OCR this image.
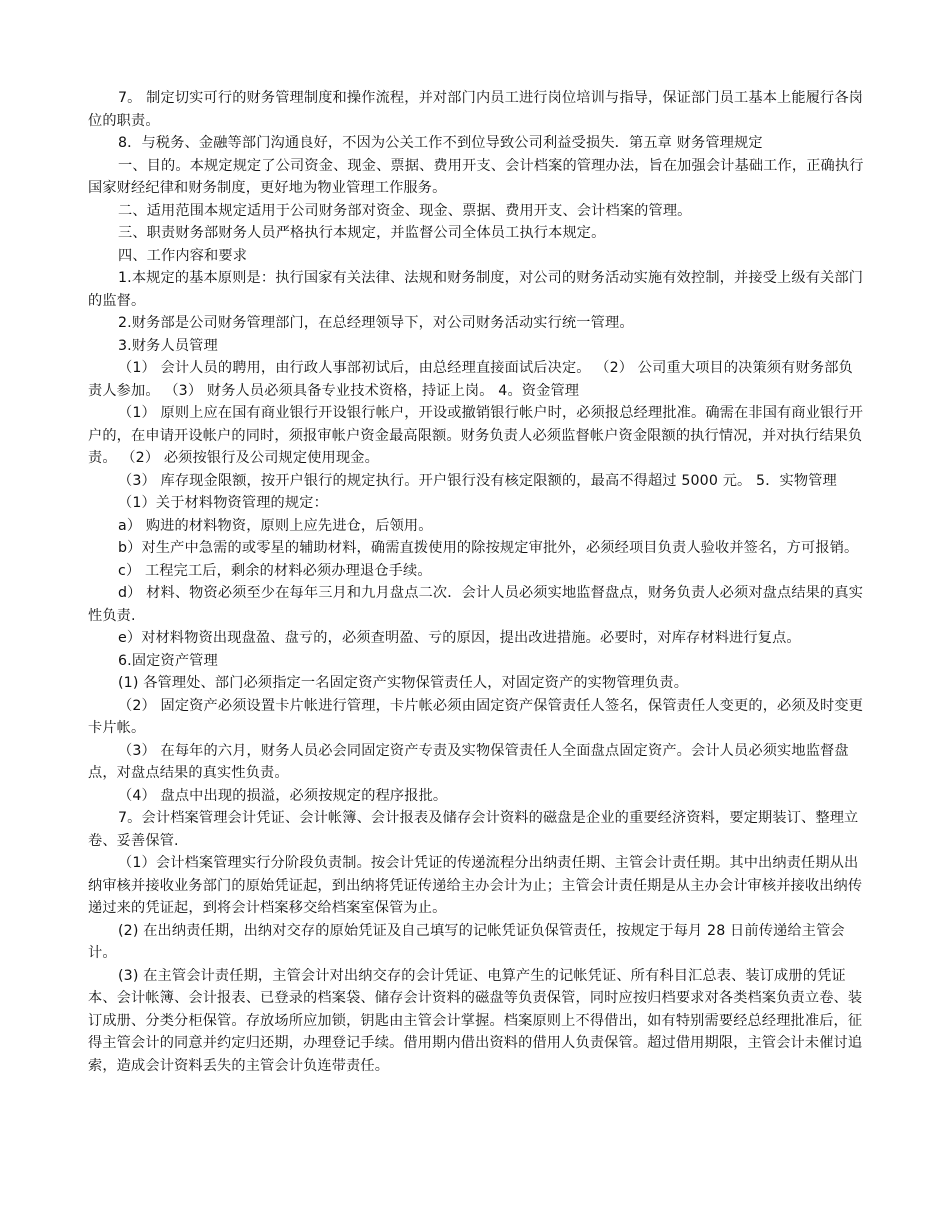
7。 制定切实可行的财务管理制度和操作流程，并对部门内员工进行岗位培训与指导，保证部门员工基本上能履行各岗位的职责。

8．与税务、金融等部门沟通良好，不因为公关工作不到位导致公司利益受损失．第五章 财务管理规定

一、目的。本规定规定了公司资金、现金、票据、费用开支、会计档案的管理办法，旨在加强会计基础工作，正确执行国家财经纪律和财务制度，更好地为物业管理工作服务。

二、适用范围本规定适用于公司财务部对资金、现金、票据、费用开支、会计档案的管理。

三、职责财务部财务人员严格执行本规定，并监督公司全体员工执行本规定。

四、工作内容和要求

1.本规定的基本原则是：执行国家有关法律、法规和财务制度，对公司的财务活动实施有效控制，并接受上级有关部门的监督。

2.财务部是公司财务管理部门，在总经理领导下，对公司财务活动实行统一管理。

3.财务人员管理

（1） 会计人员的聘用，由行政人事部初试后，由总经理直接面试后决定。 （2） 公司重大项目的决策须有财务部负责人参加。 （3） 财务人员必须具备专业技术资格，持证上岗。 4。资金管理

（1） 原则上应在国有商业银行开设银行帐户，开设或撤销银行帐户时，必须报总经理批准。确需在非国有商业银行开户的，在申请开设帐户的同时，须报审帐户资金最高限额。财务负责人必须监督帐户资金限额的执行情况，并对执行结果负责。 （2） 必须按银行及公司规定使用现金。

（3） 库存现金限额，按开户银行的规定执行。开户银行没有核定限额的，最高不得超过 5000 元。 5．实物管理

（1）关于材料物资管理的规定：

a） 购进的材料物资，原则上应先进仓，后领用。

b）对生产中急需的或零星的辅助材料，确需直拨使用的除按规定审批外，必须经项目负责人验收并签名，方可报销。

c） 工程完工后，剩余的材料必须办理退仓手续。

d） 材料、物资必须至少在每年三月和九月盘点二次．会计人员必须实地监督盘点，财务负责人必须对盘点结果的真实性负责.

e）对材料物资出现盘盈、盘亏的，必须查明盈、亏的原因，提出改进措施。必要时，对库存材料进行复点。

6.固定资产管理

(1) 各管理处、部门必须指定一名固定资产实物保管责任人，对固定资产的实物管理负责。

（2） 固定资产必须设置卡片帐进行管理，卡片帐必须由固定资产保管责任人签名，保管责任人变更的，必须及时变更卡片帐。

（3） 在每年的六月，财务人员必会同固定资产专责及实物保管责任人全面盘点固定资产。会计人员必须实地监督盘点，对盘点结果的真实性负责。

（4） 盘点中出现的损溢，必须按规定的程序报批。

7。会计档案管理会计凭证、会计帐簿、会计报表及储存会计资料的磁盘是企业的重要经济资料，要定期装订、整理立卷、妥善保管.

（1）会计档案管理实行分阶段负责制。按会计凭证的传递流程分出纳责任期、主管会计责任期。其中出纳责任期从出纳审核并接收业务部门的原始凭证起，到出纳将凭证传递给主办会计为止；主管会计责任期是从主办会计审核并接收出纳传递过来的凭证起，到将会计档案移交给档案室保管为止。

(2) 在出纳责任期，出纳对交存的原始凭证及自己填写的记帐凭证负保管责任，按规定于每月 28 日前传递给主管会计。

(3) 在主管会计责任期，主管会计对出纳交存的会计凭证、电算产生的记帐凭证、所有科目汇总表、装订成册的凭证本、会计帐簿、会计报表、已登录的档案袋、储存会计资料的磁盘等负责保管，同时应按归档要求对各类档案负责立卷、装订成册、分类分柜保管。存放场所应加锁，钥匙由主管会计掌握。档案原则上不得借出，如有特别需要经总经理批准后，征得主管会计的同意并约定归还期，办理登记手续。借用期内借出资料的借用人负责保管。超过借用期限，主管会计未催讨追索，造成会计资料丢失的主管会计负连带责任。
